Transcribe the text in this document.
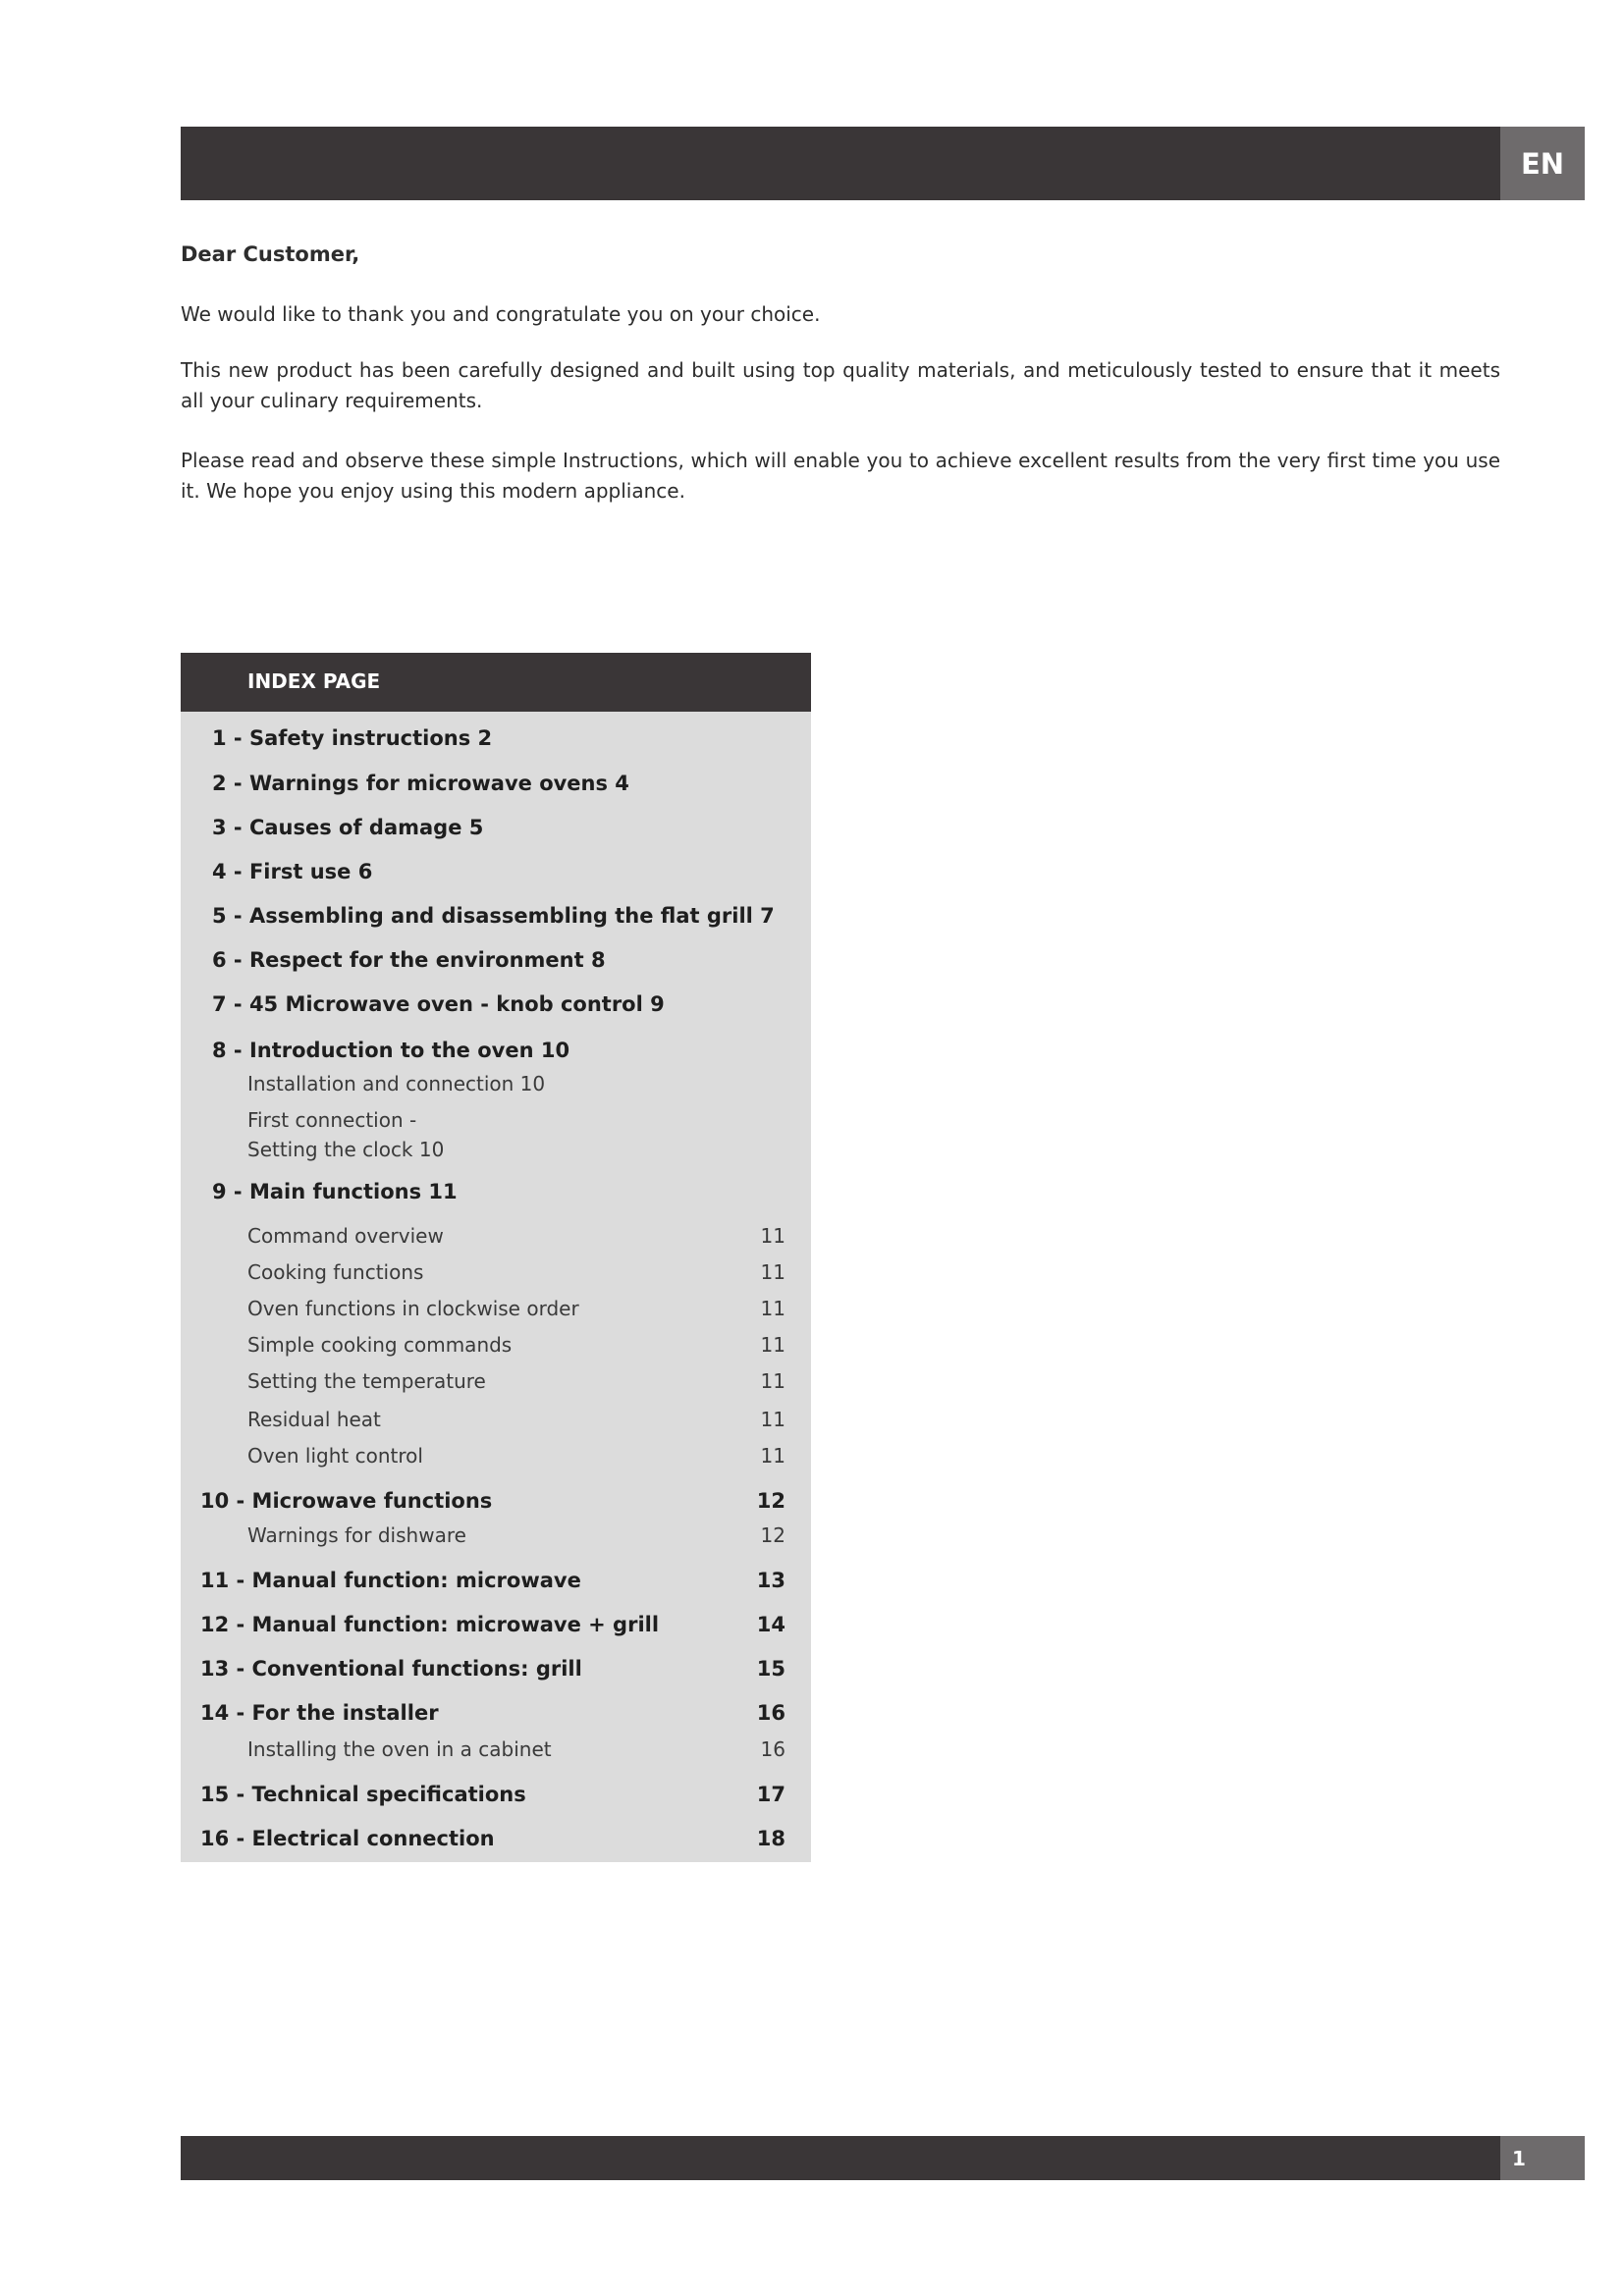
EN
Dear Customer,
We would like to thank you and congratulate you on your choice.
This new product has been carefully designed and built using top quality materials, and meticulously tested to ensure that it meets all your culinary requirements.
Please read and observe these simple Instructions, which will enable you to achieve excellent results from the very first time you use it. We hope you enjoy using this modern appliance.
INDEX PAGE
1 - Safety instructions 2
2 - Warnings for microwave ovens 4
3 - Causes of damage 5
4 - First use 6
5 - Assembling and disassembling the flat grill 7
6 - Respect for the environment 8
7 - 45 Microwave oven - knob control 9
8 - Introduction to the oven 10
Installation and connection 10
First connection -
Setting the clock 10
9 - Main functions 11
Command overview	11
Cooking functions	11
Oven functions in clockwise order	11
Simple cooking commands	11
Setting the temperature	11
Residual heat	11
Oven light control	11
10 - Microwave functions	12
Warnings for dishware	12
11 - Manual function: microwave	13
12 - Manual function: microwave + grill	14
13 - Conventional functions: grill	15
14 - For the installer	16
Installing the oven in a cabinet	16
15 - Technical specifications	17
16 - Electrical connection	18
1
